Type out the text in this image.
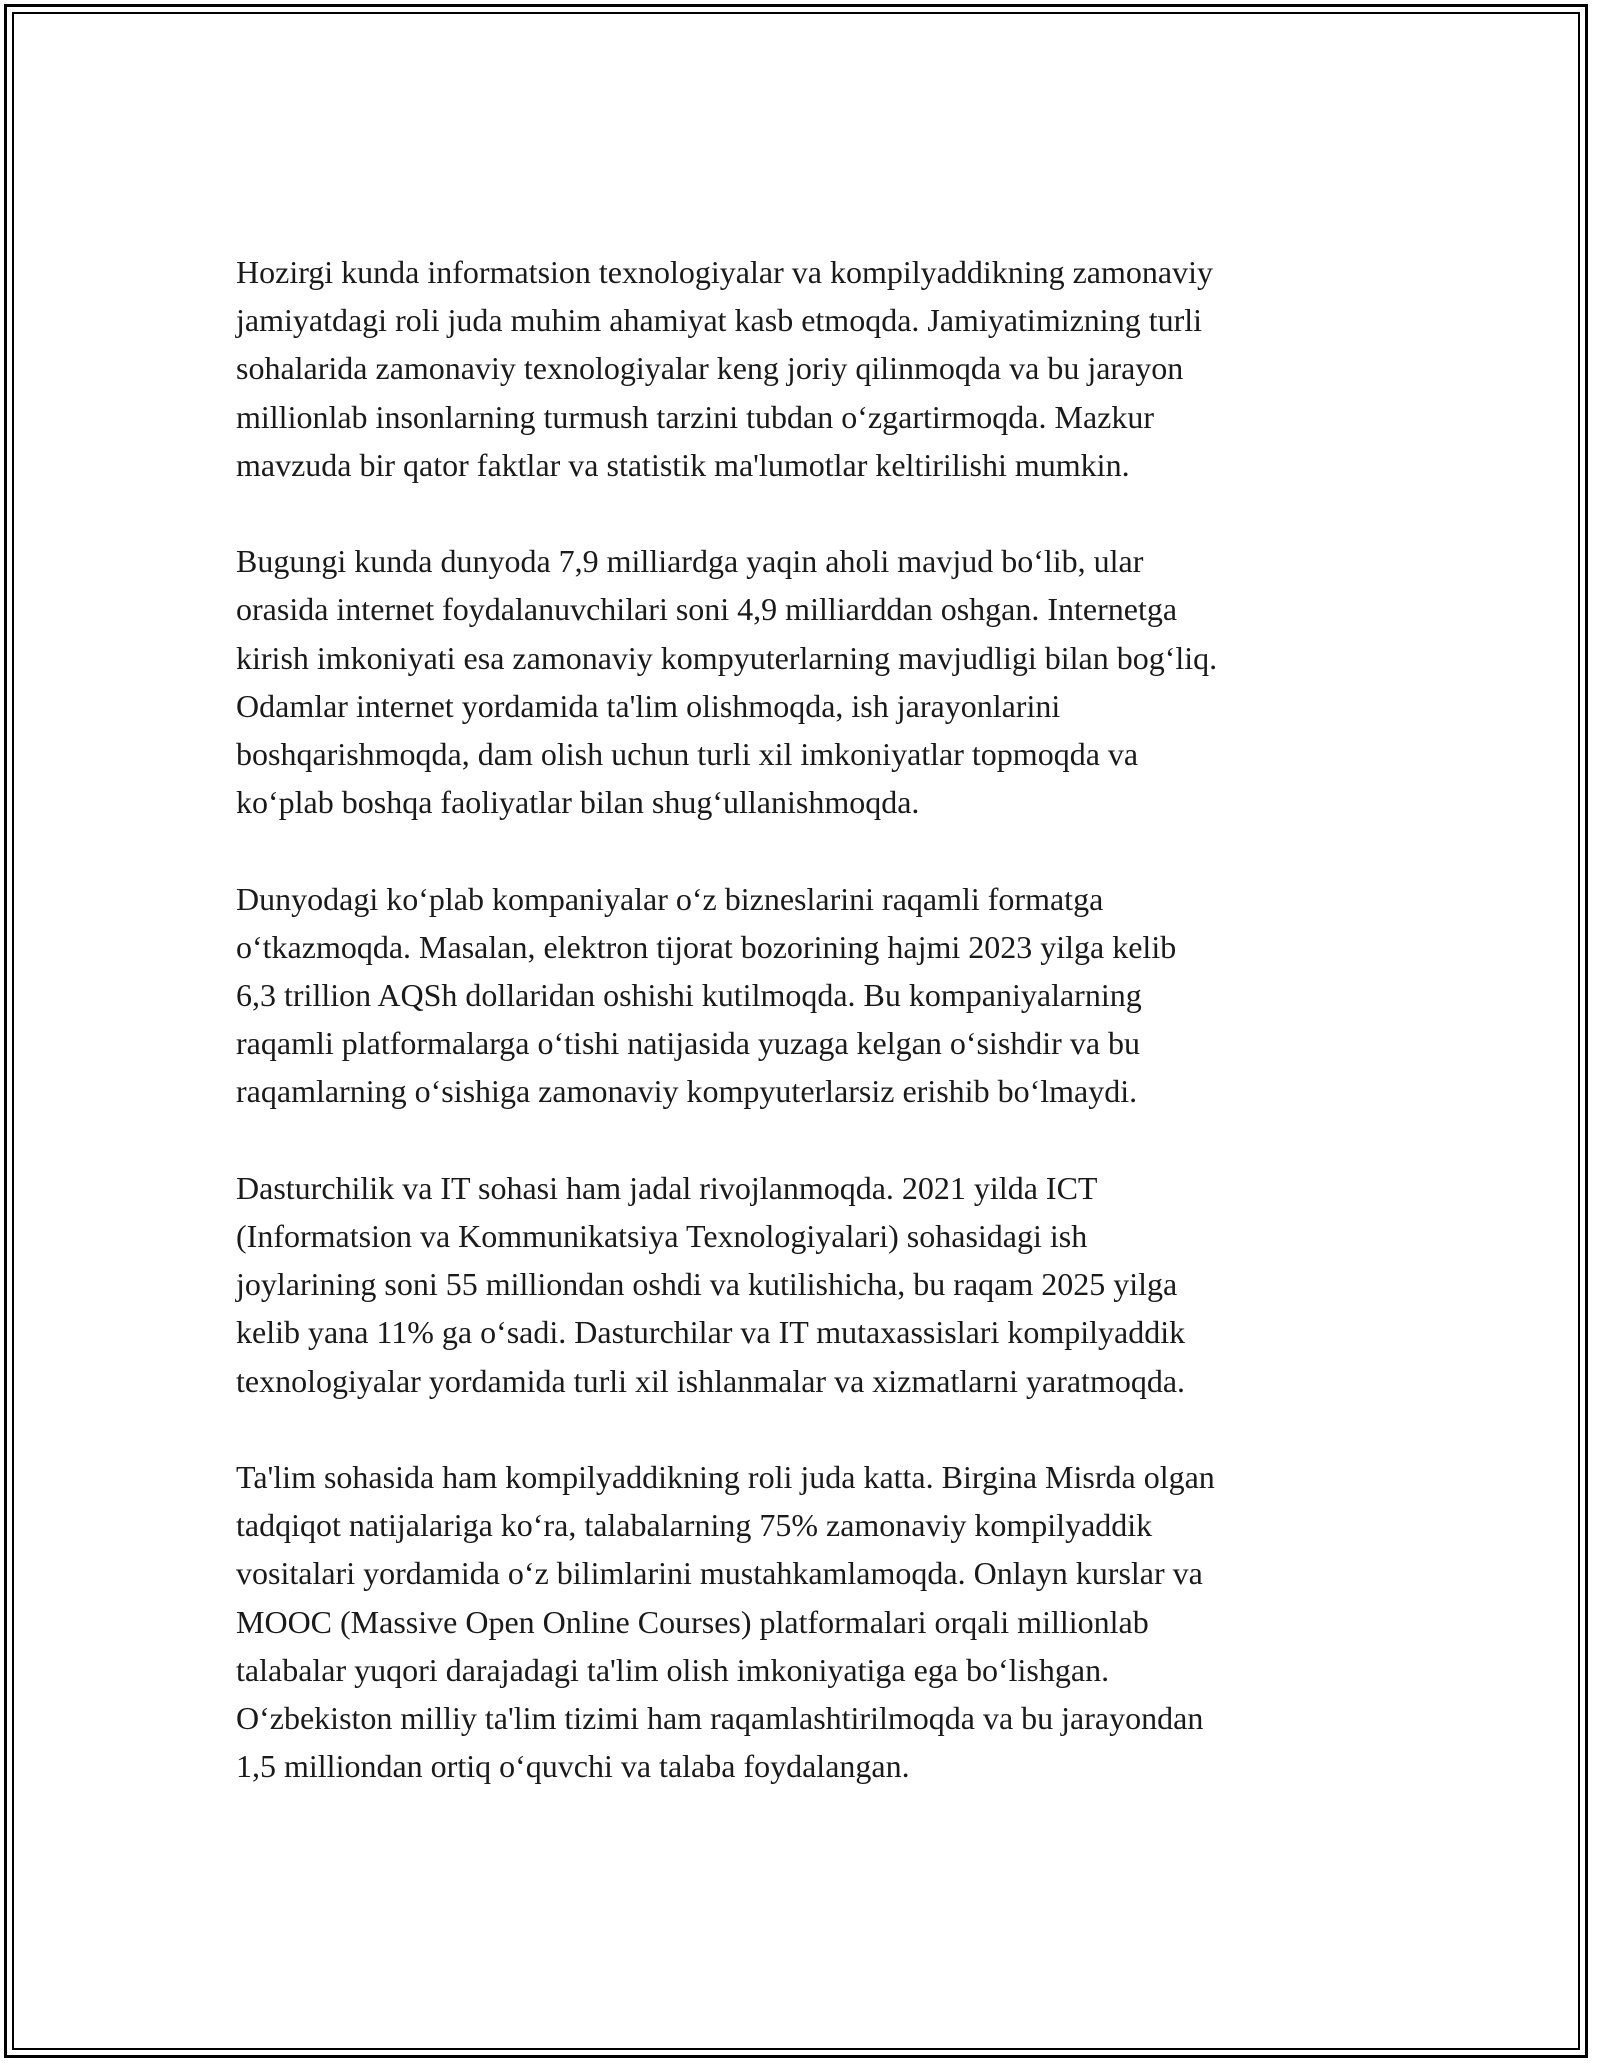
Hozirgi kunda informatsion texnologiyalar va kompilyaddikning zamonaviy
jamiyatdagi roli juda muhim ahamiyat kasb etmoqda. Jamiyatimizning turli
sohalarida zamonaviy texnologiyalar keng joriy qilinmoqda va bu jarayon
millionlab insonlarning turmush tarzini tubdan o‘zgartirmoqda. Mazkur
mavzuda bir qator faktlar va statistik ma'lumotlar keltirilishi mumkin.
Bugungi kunda dunyoda 7,9 milliardga yaqin aholi mavjud bo‘lib, ular
orasida internet foydalanuvchilari soni 4,9 milliarddan oshgan. Internetga
kirish imkoniyati esa zamonaviy kompyuterlarning mavjudligi bilan bog‘liq.
Odamlar internet yordamida ta'lim olishmoqda, ish jarayonlarini
boshqarishmoqda, dam olish uchun turli xil imkoniyatlar topmoqda va
ko‘plab boshqa faoliyatlar bilan shug‘ullanishmoqda.
Dunyodagi ko‘plab kompaniyalar o‘z bizneslarini raqamli formatga
o‘tkazmoqda. Masalan, elektron tijorat bozorining hajmi 2023 yilga kelib
6,3 trillion AQSh dollaridan oshishi kutilmoqda. Bu kompaniyalarning
raqamli platformalarga o‘tishi natijasida yuzaga kelgan o‘sishdir va bu
raqamlarning o‘sishiga zamonaviy kompyuterlarsiz erishib bo‘lmaydi.
Dasturchilik va IT sohasi ham jadal rivojlanmoqda. 2021 yilda ICT
(Informatsion va Kommunikatsiya Texnologiyalari) sohasidagi ish
joylarining soni 55 milliondan oshdi va kutilishicha, bu raqam 2025 yilga
kelib yana 11% ga o‘sadi. Dasturchilar va IT mutaxassislari kompilyaddik
texnologiyalar yordamida turli xil ishlanmalar va xizmatlarni yaratmoqda.
Ta'lim sohasida ham kompilyaddikning roli juda katta. Birgina Misrda olgan
tadqiqot natijalariga ko‘ra, talabalarning 75% zamonaviy kompilyaddik
vositalari yordamida o‘z bilimlarini mustahkamlamoqda. Onlayn kurslar va
MOOC (Massive Open Online Courses) platformalari orqali millionlab
talabalar yuqori darajadagi ta'lim olish imkoniyatiga ega bo‘lishgan.
O‘zbekiston milliy ta'lim tizimi ham raqamlashtirilmoqda va bu jarayondan
1,5 milliondan ortiq o‘quvchi va talaba foydalangan.
